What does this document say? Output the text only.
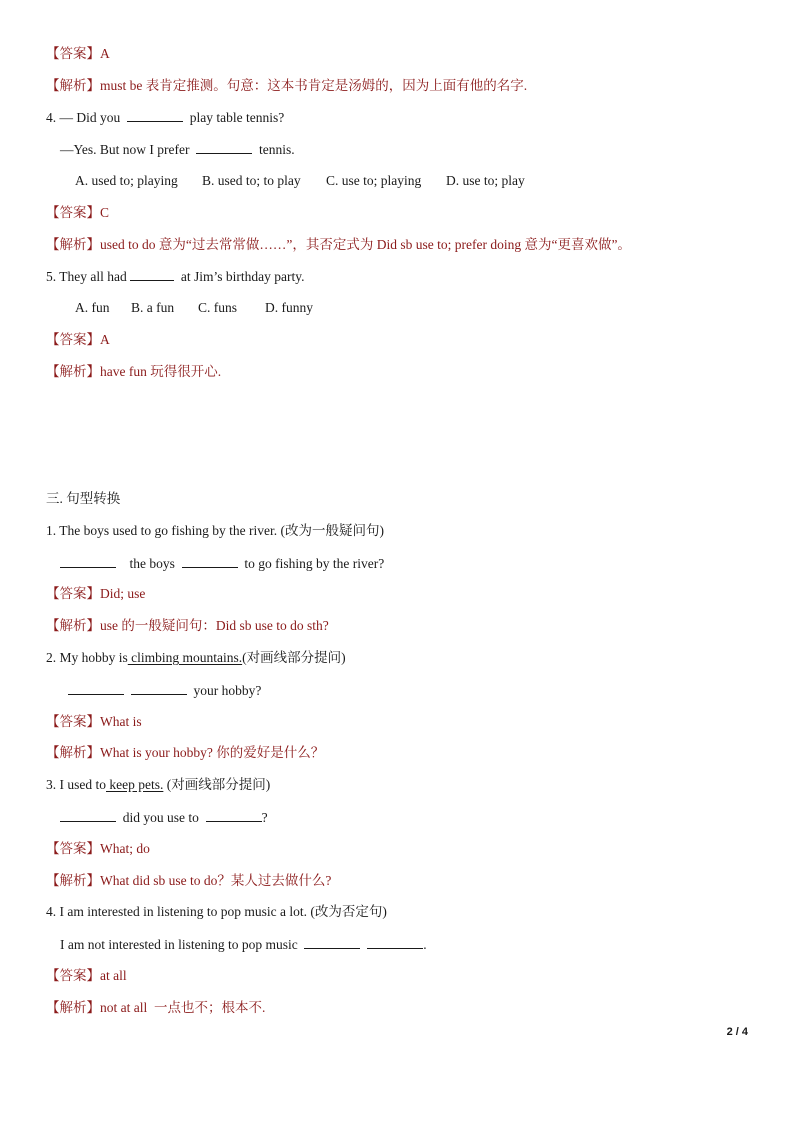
【答案】A
【解析】must be 表肯定推测。句意：这本书肯定是汤姆的，因为上面有他的名字.
4. — Did you	play table tennis?
—Yes. But now I prefer	tennis.
A. used to; playing B. used to; to play C. use to; playing D. use to; play
【答案】C
【解析】used to do 意为“过去常常做……”，其否定式为 Did sb use to; prefer doing 意为“更喜欢做”。
5. They all had	at Jim’s birthday party.
A. fun B. a fun C. funs D. funny
【答案】A
【解析】have fun 玩得很开心.
三. 句型转换
1. The boys used to go fishing by the river. (改为一般疑问句)
the boys	to go fishing by the river?
【答案】Did; use
【解析】use 的一般疑问句：Did sb use to do sth?
2. My hobby is climbing mountains.(对画线部分提问)
your hobby?
【答案】What is
【解析】What is your hobby? 你的爱好是什么？
3. I used to keep pets. (对画线部分提问)
did you use to	?
【答案】What; do
【解析】What did sb use to do？某人过去做什么?
4. I am interested in listening to pop music a lot. (改为否定句)
I am not interested in listening to pop music	.
【答案】at all
【解析】not at all  一点也不；根本不.
2 / 4
